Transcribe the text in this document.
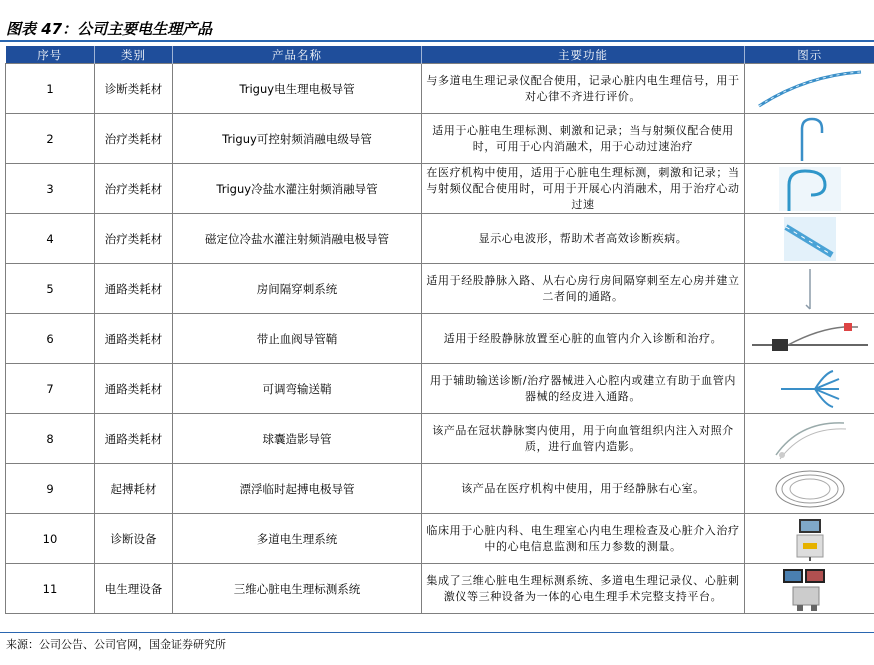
图表 47：公司主要电生理产品
序号	类别	产品名称	主要功能	图示
1	诊断类耗材	Triguy电生理电极导管	与多道电生理记录仪配合使用，记录心脏内电生理信号，用于对心律不齐进行评价。	

2	治疗类耗材	Triguy可控射频消融电级导管	适用于心脏电生理标测、刺激和记录；当与射频仪配合使用时，可用于心内消融术，用于心动过速治疗	

3	治疗类耗材	Triguy冷盐水灌注射频消融导管	在医疗机构中使用，适用于心脏电生理标测，刺激和记录；当与射频仪配合使用时，可用于开展心内消融术，用于治疗心动过速	

4	治疗类耗材	磁定位冷盐水灌注射频消融电极导管	显示心电波形，帮助术者高效诊断疾病。	

5	通路类耗材	房间隔穿刺系统	适用于经股静脉入路、从右心房行房间隔穿刺至左心房并建立二者间的通路。	

6	通路类耗材	带止血阀导管鞘	适用于经股静脉放置至心脏的血管内介入诊断和治疗。	

7	通路类耗材	可调弯输送鞘	用于辅助输送诊断/治疗器械进入心腔内或建立有助于血管内器械的经皮进入通路。	

8	通路类耗材	球囊造影导管	该产品在冠状静脉窦内使用，用于向血管组织内注入对照介质，进行血管内造影。	

9	起搏耗材	漂浮临时起搏电极导管	该产品在医疗机构中使用，用于经静脉右心室。	

10	诊断设备	多道电生理系统	临床用于心脏内科、电生理室心内电生理检查及心脏介入治疗中的心电信息监测和压力参数的测量。	

11	电生理设备	三维心脏电生理标测系统	集成了三维心脏电生理标测系统、多道电生理记录仪、心脏刺激仪等三种设备为一体的心电生理手术完整支持平台。	
来源：公司公告、公司官网，国金证券研究所
